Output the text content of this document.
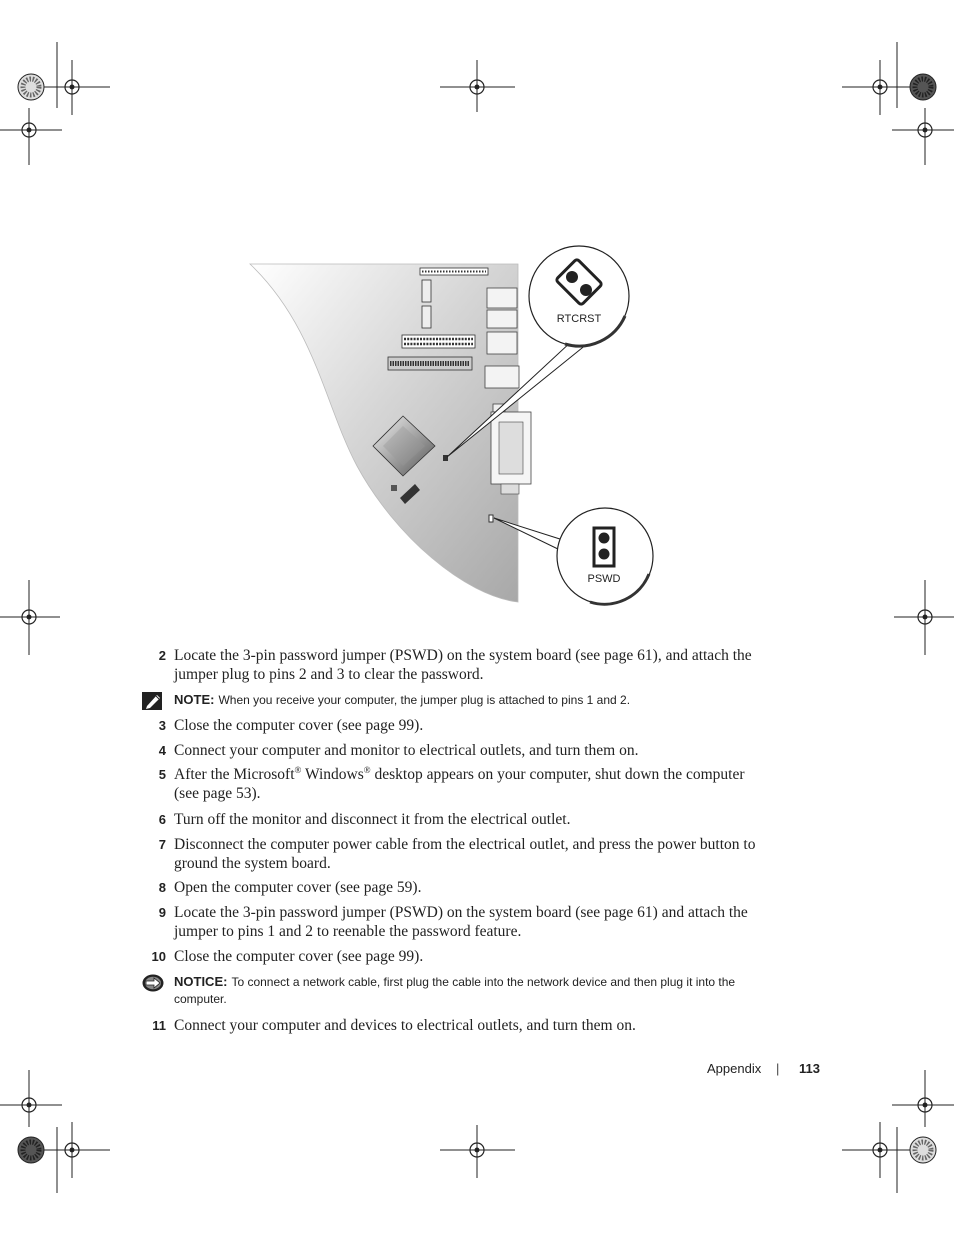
RTCRST
PSWD
2 Locate the 3-pin password jumper (PSWD) on the system board (see page 61), and attach the jumper plug to pins 2 and 3 to clear the password.
NOTE: When you receive your computer, the jumper plug is attached to pins 1 and 2.
3 Close the computer cover (see page 99).
4 Connect your computer and monitor to electrical outlets, and turn them on.
5 After the Microsoft® Windows® desktop appears on your computer, shut down the computer (see page 53).
6 Turn off the monitor and disconnect it from the electrical outlet.
7 Disconnect the computer power cable from the electrical outlet, and press the power button to ground the system board.
8 Open the computer cover (see page 59).
9 Locate the 3-pin password jumper (PSWD) on the system board (see page 61) and attach the jumper to pins 1 and 2 to reenable the password feature.
10 Close the computer cover (see page 99).
NOTICE: To connect a network cable, first plug the cable into the network device and then plug it into the computer.
11 Connect your computer and devices to electrical outlets, and turn them on.
Appendix | 113
